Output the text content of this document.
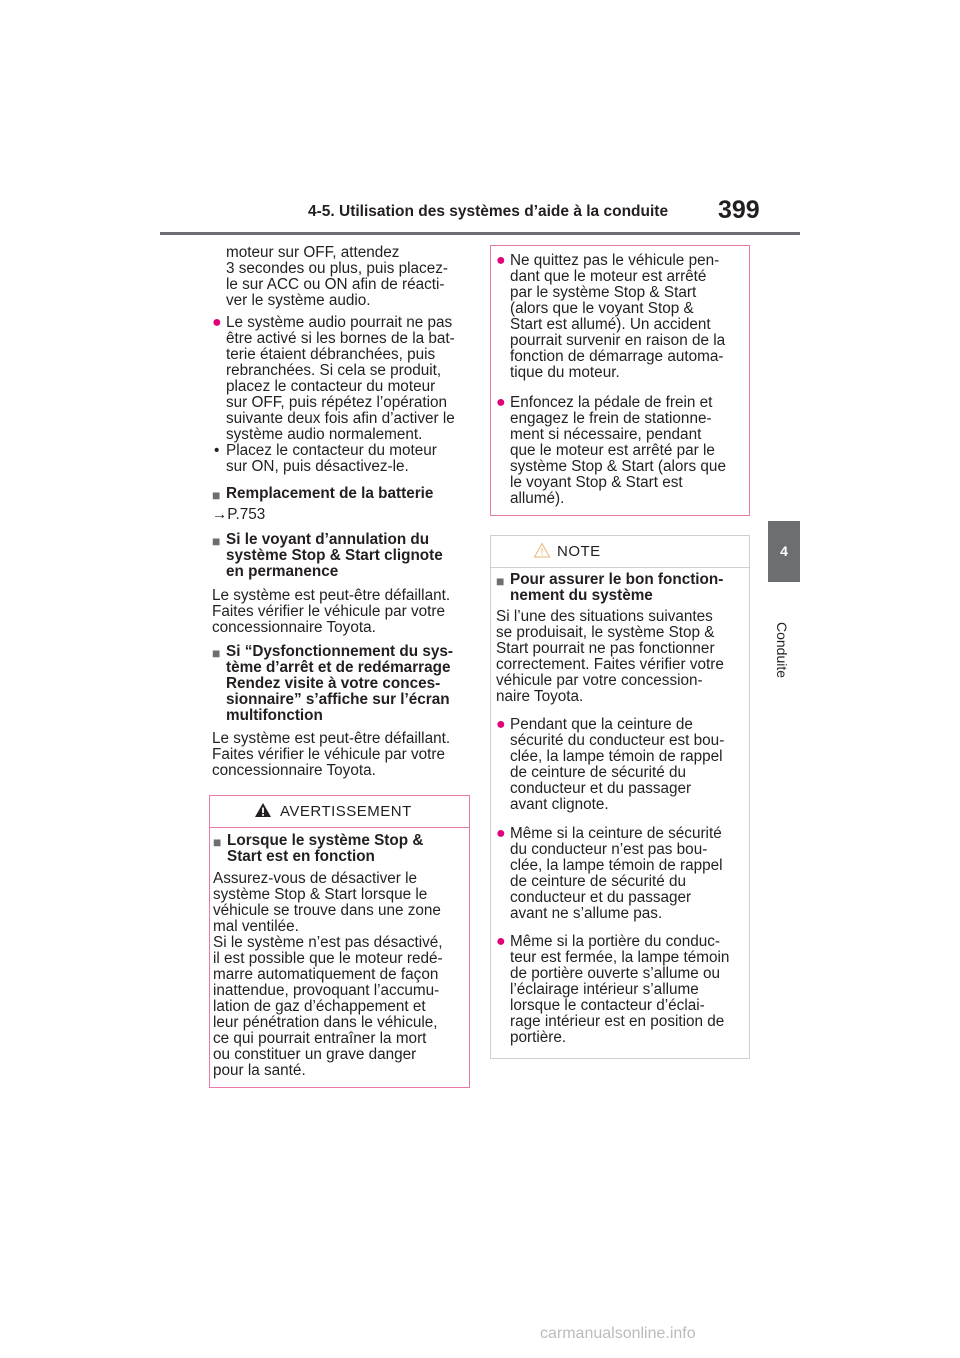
4-5. Utilisation des systèmes d’aide à la conduite 399
4
Conduite
moteur sur OFF, attendez
3 secondes ou plus, puis placez-
le sur ACC ou ON afin de réacti-
ver le système audio.
● Le système audio pourrait ne pas
être activé si les bornes de la bat-
terie étaient débranchées, puis
rebranchées. Si cela se produit,
placez le contacteur du moteur
sur OFF, puis répétez l’opération
suivante deux fois afin d’activer le
système audio normalement.
• Placez le contacteur du moteur
sur ON, puis désactivez-le.
■ Remplacement de la batterie
→P.753
■ Si le voyant d’annulation du
système Stop & Start clignote
en permanence
Le système est peut-être défaillant.
Faites vérifier le véhicule par votre
concessionnaire Toyota.
■ Si “Dysfonctionnement du sys-
tème d’arrêt et de redémarrage
Rendez visite à votre conces-
sionnaire” s’affiche sur l’écran
multifonction
Le système est peut-être défaillant.
Faites vérifier le véhicule par votre
concessionnaire Toyota.
AVERTISSEMENT
■ Lorsque le système Stop &
Start est en fonction
Assurez-vous de désactiver le
système Stop & Start lorsque le
véhicule se trouve dans une zone
mal ventilée.
Si le système n’est pas désactivé,
il est possible que le moteur redé-
marre automatiquement de façon
inattendue, provoquant l’accumu-
lation de gaz d’échappement et
leur pénétration dans le véhicule,
ce qui pourrait entraîner la mort
ou constituer un grave danger
pour la santé.
● Ne quittez pas le véhicule pen-
dant que le moteur est arrêté
par le système Stop & Start
(alors que le voyant Stop &
Start est allumé). Un accident
pourrait survenir en raison de la
fonction de démarrage automa-
tique du moteur.
● Enfoncez la pédale de frein et
engagez le frein de stationne-
ment si nécessaire, pendant
que le moteur est arrêté par le
système Stop & Start (alors que
le voyant Stop & Start est
allumé).
NOTE
■ Pour assurer le bon fonction-
nement du système
Si l’une des situations suivantes
se produisait, le système Stop &
Start pourrait ne pas fonctionner
correctement. Faites vérifier votre
véhicule par votre concession-
naire Toyota.
● Pendant que la ceinture de
sécurité du conducteur est bou-
clée, la lampe témoin de rappel
de ceinture de sécurité du
conducteur et du passager
avant clignote.
● Même si la ceinture de sécurité
du conducteur n’est pas bou-
clée, la lampe témoin de rappel
de ceinture de sécurité du
conducteur et du passager
avant ne s’allume pas.
● Même si la portière du conduc-
teur est fermée, la lampe témoin
de portière ouverte s’allume ou
l’éclairage intérieur s’allume
lorsque le contacteur d’éclai-
rage intérieur est en position de
portière.
carmanualsonline.info
